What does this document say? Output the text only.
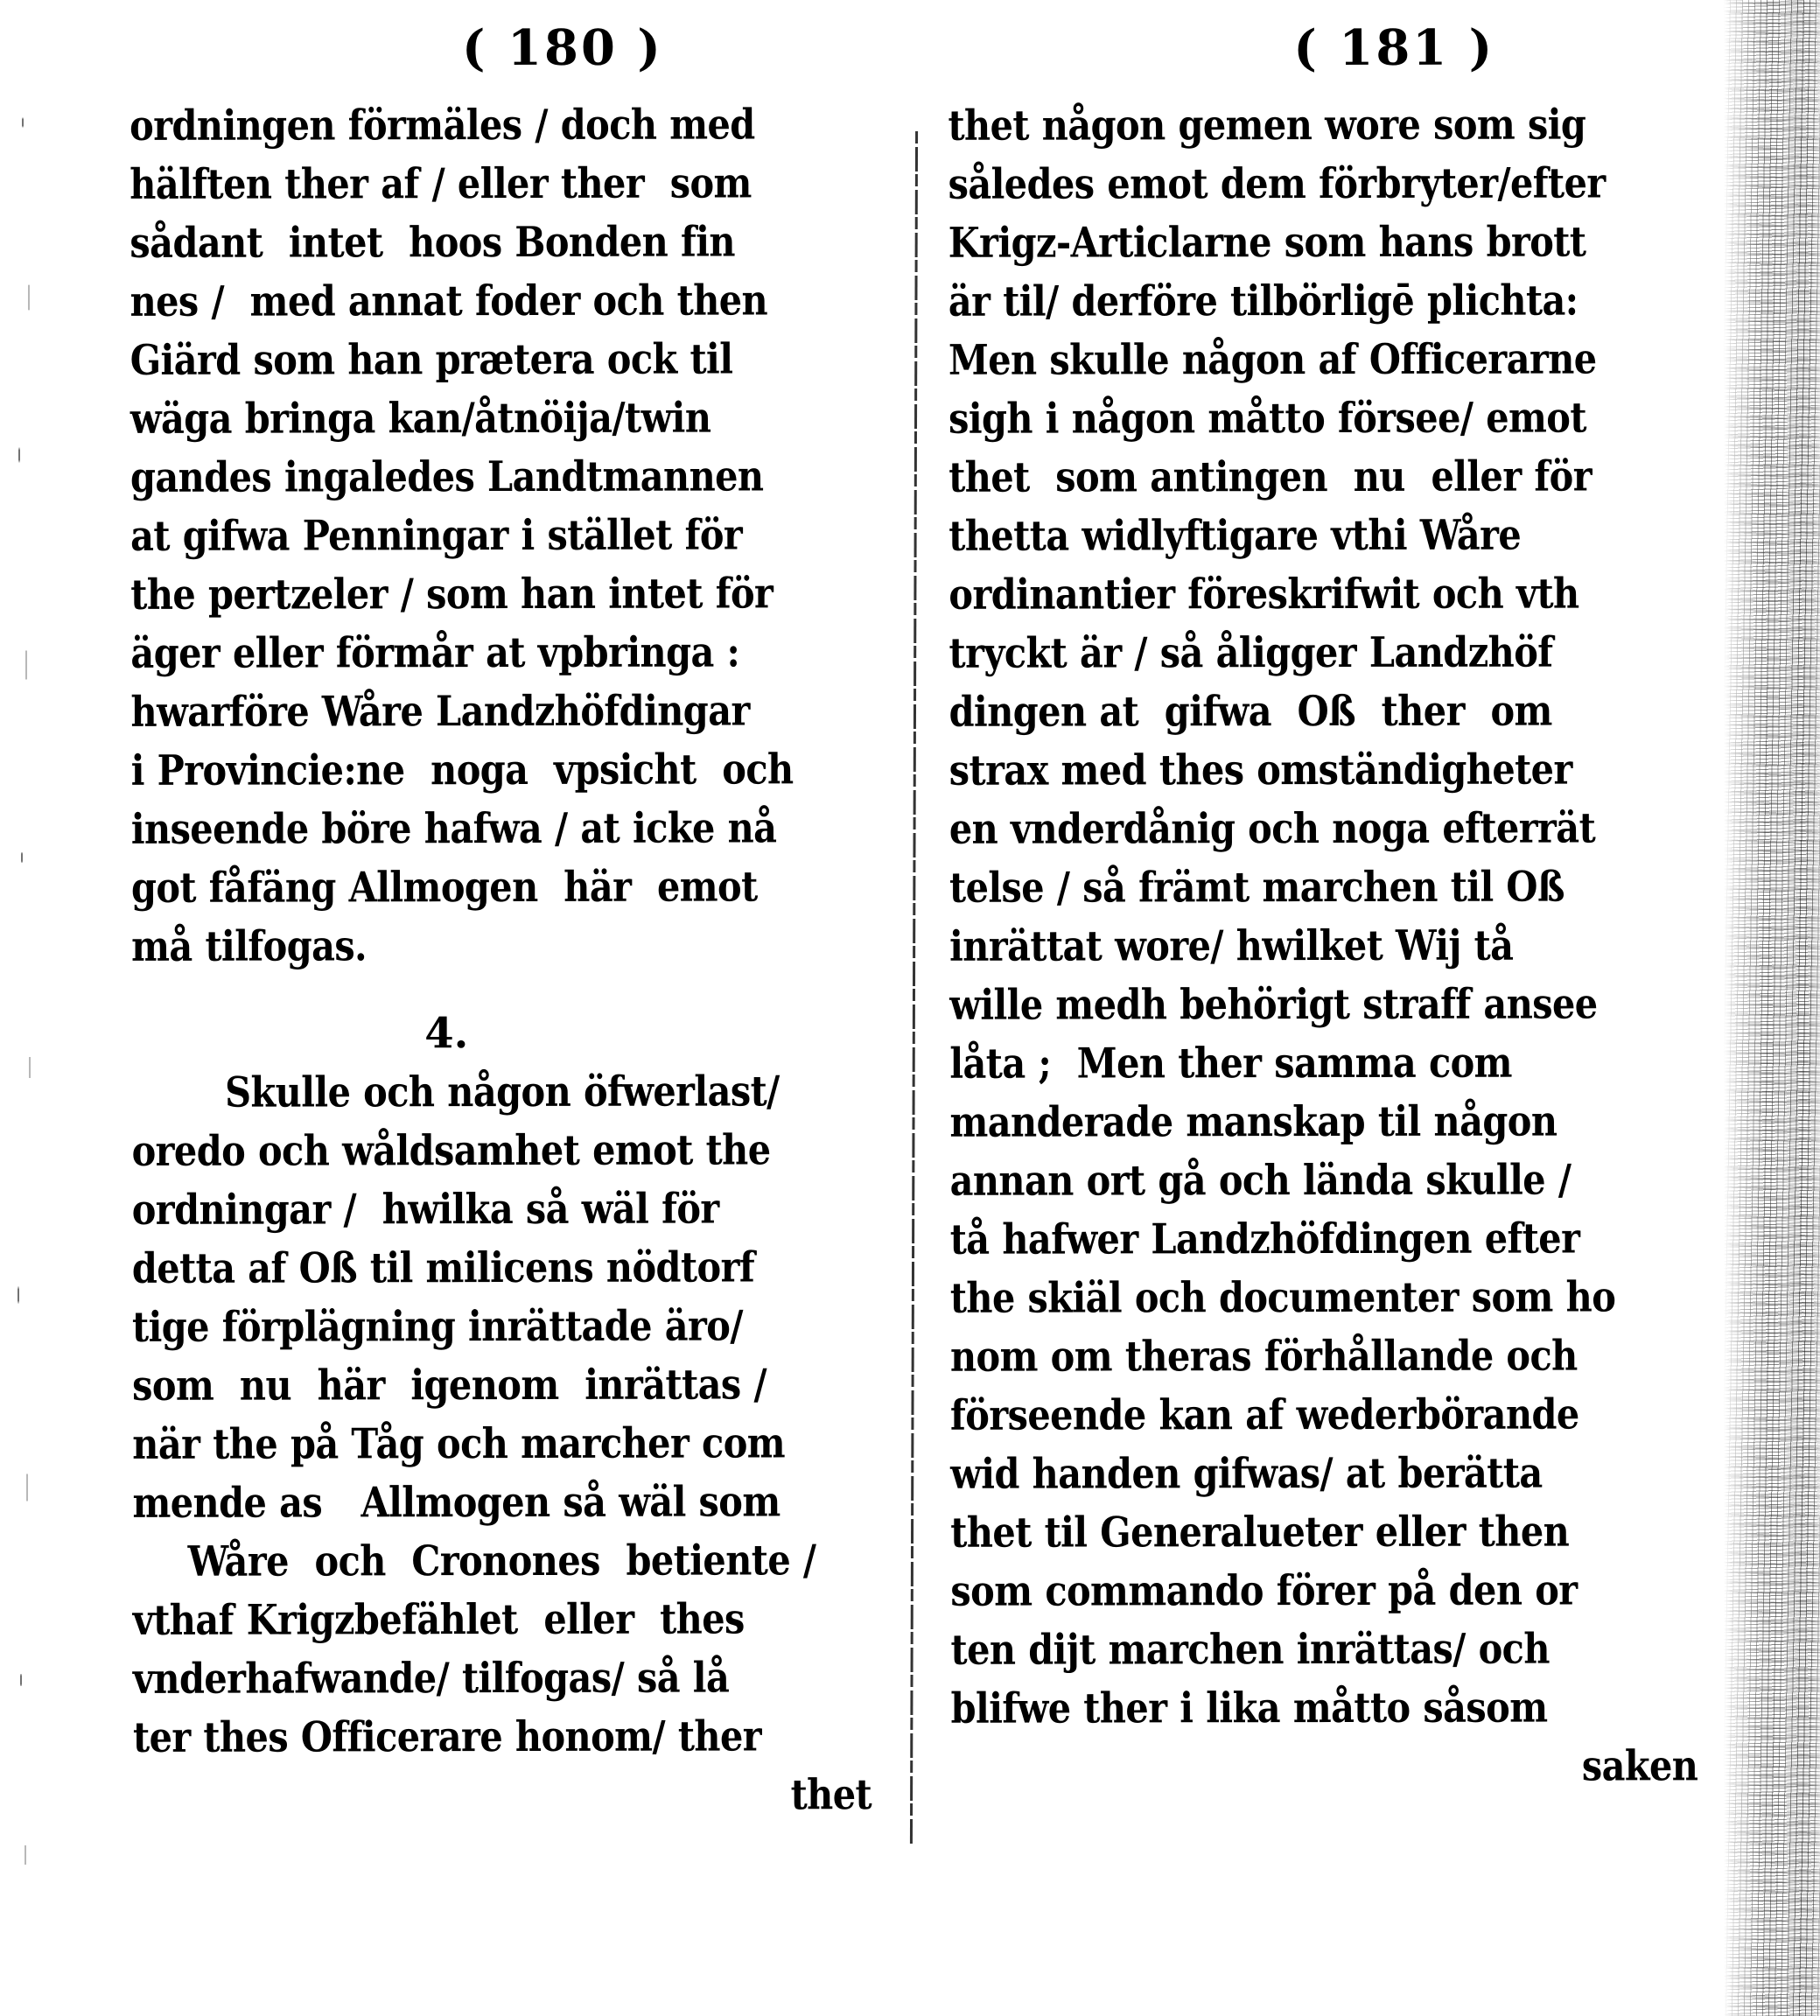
( 180 )

ordningen förmäles / doch med
hälften ther af / eller ther  som
sådant  intet  hoos Bonden fin
nes /  med annat foder och then
Giärd som han prætera ock til
wäga bringa kan/åtnöija/twin
gandes ingaledes Landtmannen
at gifwa Penningar i stället för
the pertzeler / som han intet för
äger eller förmår at vpbringa :
hwarföre Wåre Landzhöfdingar
i Provincie:ne  noga  vpsicht  och
inseende böre hafwa / at icke nå
got fåfäng Allmogen  här  emot
må tilfogas.

4.

Skulle och någon öfwerlast/
oredo och wåldsamhet emot the
ordningar /  hwilka så wäl för
detta af Oß til milicens nödtorf
tige förplägning inrättade äro/
som  nu  här  igenom  inrättas /
när the på Tåg och marcher com
mende as   Allmogen så wäl som
Wåre  och  Cronones  betiente /
vthaf Krigzbefählet  eller  thes
vnderhafwande/ tilfogas/ så lå
ter thes Officerare honom/ ther
thet

( 181 )

thet någon gemen wore som sig
således emot dem förbryter/efter
Krigz-Articlarne som hans brott
är til/ derföre tilbörligē plichta:
Men skulle någon af Officerarne
sigh i någon måtto försee/ emot
thet  som antingen  nu  eller för
thetta widlyftigare vthi Wåre
ordinantier föreskrifwit och vth
tryckt är / så åligger Landzhöf
dingen at  gifwa  Oß  ther  om
strax med thes omständigheter
en vnderdånig och noga efterrät
telse / så främt marchen til Oß
inrättat wore/ hwilket Wij tå
wille medh behörigt straff ansee
låta ;  Men ther samma com
manderade manskap til någon
annan ort gå och lända skulle /
tå hafwer Landzhöfdingen efter
the skiäl och documenter som ho
nom om theras förhållande och
förseende kan af wederbörande
wid handen gifwas/ at berätta
thet til Generalueter eller then
som commando förer på den or
ten dijt marchen inrättas/ och
blifwe ther i lika måtto såsom
saken
